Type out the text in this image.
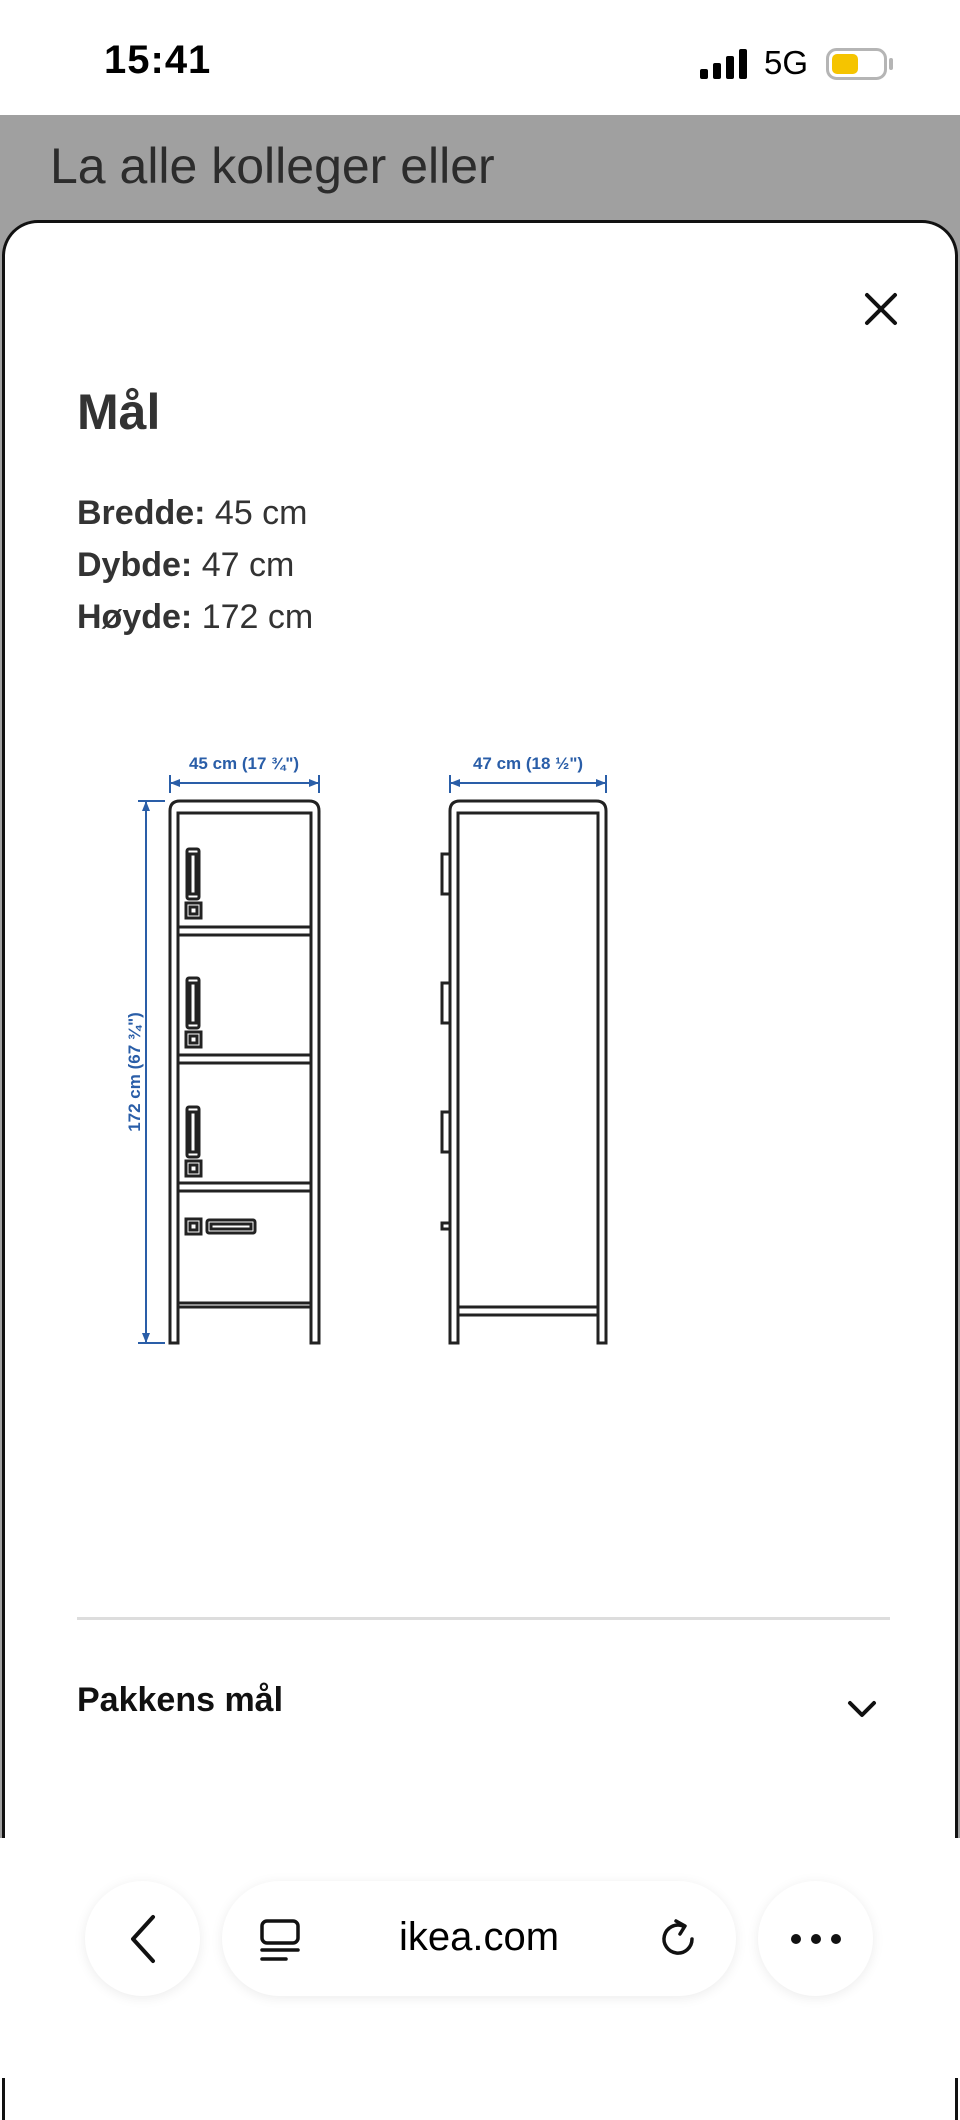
15:41	5G
La alle kolleger eller
Mål
Bredde: 45 cm
Dybde: 47 cm
Høyde: 172 cm
45 cm (17 ¾")	47 cm (18 ½")
172 cm (67 ¾")
Pakkens mål
ikea.com
